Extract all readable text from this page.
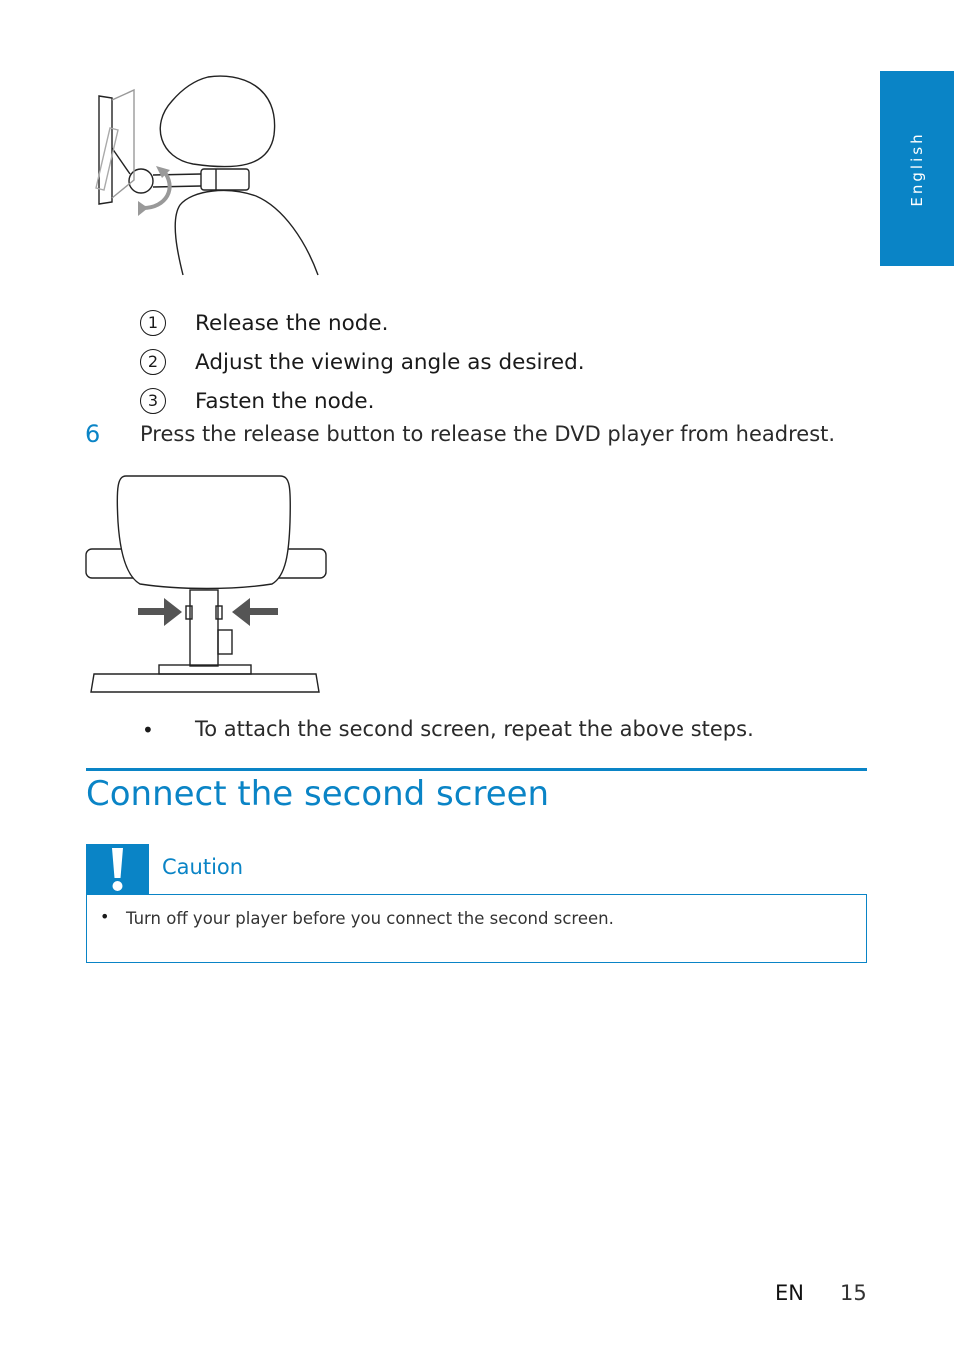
English
1	Release the node.
2	Adjust the viewing angle as desired.
3	Fasten the node.
6 Press the release button to release the DVD player from headrest.
• To attach the second screen, repeat the above steps.
Connect the second screen
Caution
• Turn off your player before you connect the second screen.
EN 15
